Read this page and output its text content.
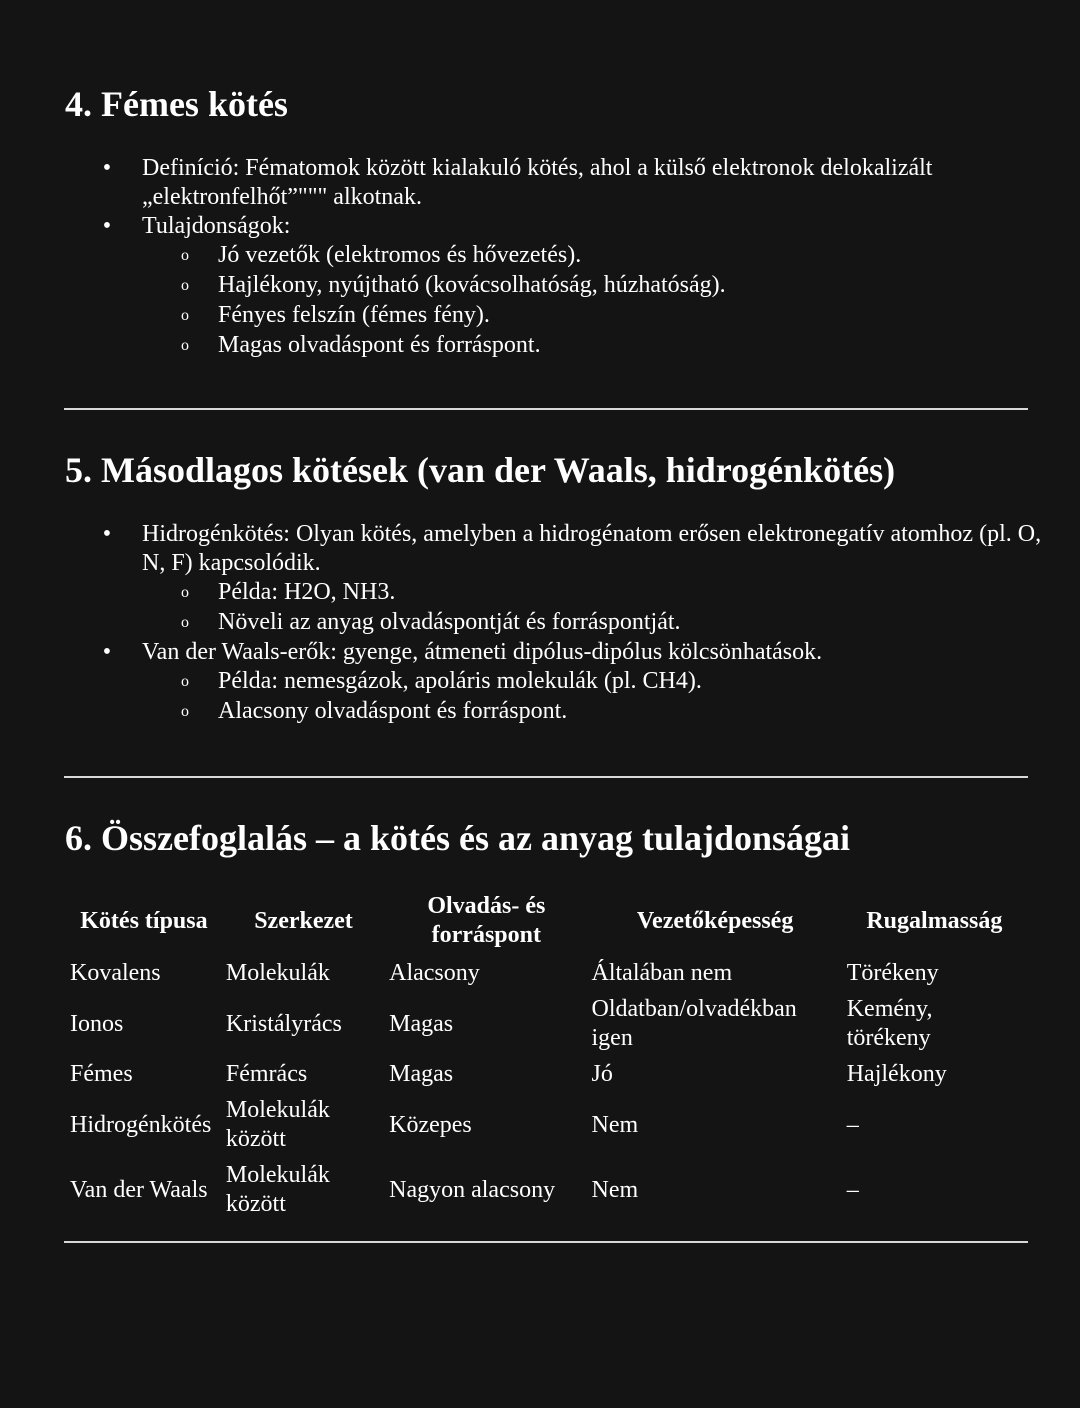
4. Fémes kötés
• Definíció: Fématomok között kialakuló kötés, ahol a külső elektronok delokalizált „elektronfelhőt”""" alkotnak.
• Tulajdonságok:
o Jó vezetők (elektromos és hővezetés).
o Hajlékony, nyújtható (kovácsolhatóság, húzhatóság).
o Fényes felszín (fémes fény).
o Magas olvadáspont és forráspont.
5. Másodlagos kötések (van der Waals, hidrogénkötés)
• Hidrogénkötés: Olyan kötés, amelyben a hidrogénatom erősen elektronegatív atomhoz (pl. O, N, F) kapcsolódik.
o Példa: H2O, NH3.
o Növeli az anyag olvadáspontját és forráspontját.
• Van der Waals-erők: gyenge, átmeneti dipólus-dipólus kölcsönhatások.
o Példa: nemesgázok, apoláris molekulák (pl. CH4).
o Alacsony olvadáspont és forráspont.
6. Összefoglalás – a kötés és az anyag tulajdonságai
Kötés típusa	Szerkezet	Olvadás- és forráspont	Vezetőképesség	Rugalmasság
Kovalens	Molekulák	Alacsony	Általában nem	Törékeny
Ionos	Kristályrács	Magas	Oldatban/olvadékban igen	Kemény, törékeny
Fémes	Fémrács	Magas	Jó	Hajlékony
Hidrogénkötés	Molekulák között	Közepes	Nem	–
Van der Waals	Molekulák között	Nagyon alacsony	Nem	–
